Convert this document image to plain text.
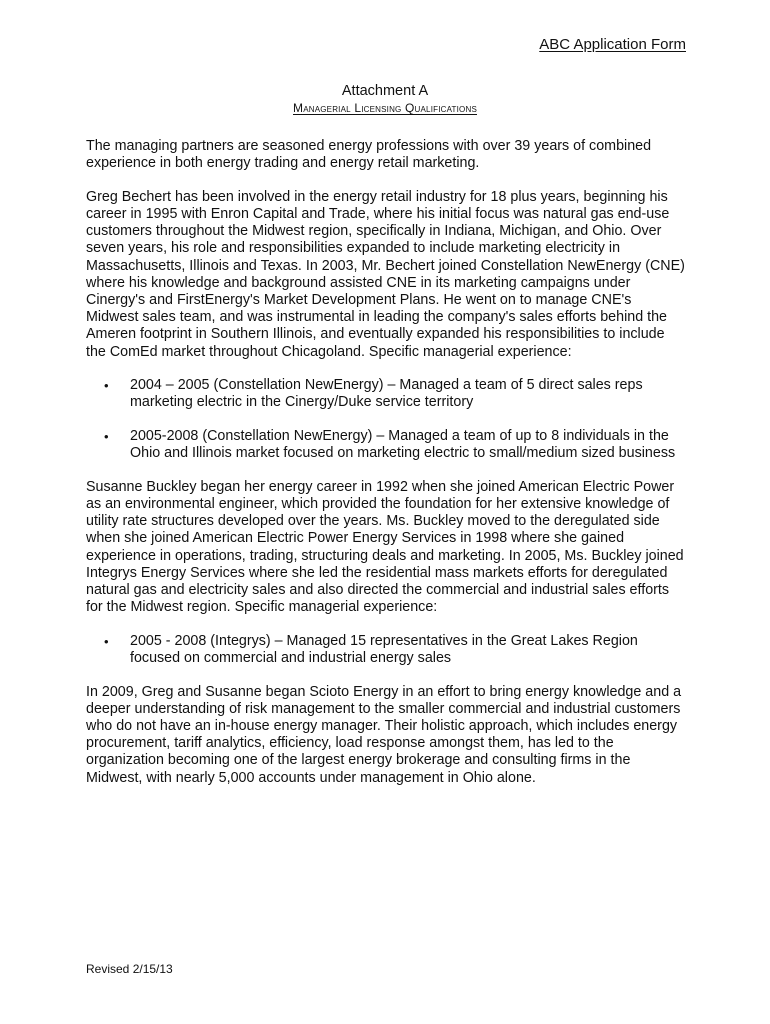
ABC Application Form
Attachment A
Managerial Licensing Qualifications

The managing partners are seasoned energy professions with over 39 years of combined experience in both energy trading and energy retail marketing.

Greg Bechert has been involved in the energy retail industry for 18 plus years, beginning his career in 1995 with Enron Capital and Trade, where his initial focus was natural gas end-use customers throughout the Midwest region, specifically in Indiana, Michigan, and Ohio. Over seven years, his role and responsibilities expanded to include marketing electricity in Massachusetts, Illinois and Texas. In 2003, Mr. Bechert joined Constellation NewEnergy (CNE) where his knowledge and background assisted CNE in its marketing campaigns under Cinergy's and FirstEnergy's Market Development Plans. He went on to manage CNE's Midwest sales team, and was instrumental in leading the company's sales efforts behind the Ameren footprint in Southern Illinois, and eventually expanded his responsibilities to include the ComEd market throughout Chicagoland. Specific managerial experience:

• 2004 – 2005 (Constellation NewEnergy) – Managed a team of 5 direct sales reps marketing electric in the Cinergy/Duke service territory
• 2005-2008 (Constellation NewEnergy) – Managed a team of up to 8 individuals in the Ohio and Illinois market focused on marketing electric to small/medium sized business

Susanne Buckley began her energy career in 1992 when she joined American Electric Power as an environmental engineer, which provided the foundation for her extensive knowledge of utility rate structures developed over the years. Ms. Buckley moved to the deregulated side when she joined American Electric Power Energy Services in 1998 where she gained experience in operations, trading, structuring deals and marketing. In 2005, Ms. Buckley joined Integrys Energy Services where she led the residential mass markets efforts for deregulated natural gas and electricity sales and also directed the commercial and industrial sales efforts for the Midwest region. Specific managerial experience:

• 2005 - 2008 (Integrys) – Managed 15 representatives in the Great Lakes Region focused on commercial and industrial energy sales

In 2009, Greg and Susanne began Scioto Energy in an effort to bring energy knowledge and a deeper understanding of risk management to the smaller commercial and industrial customers who do not have an in-house energy manager. Their holistic approach, which includes energy procurement, tariff analytics, efficiency, load response amongst them, has led to the organization becoming one of the largest energy brokerage and consulting firms in the Midwest, with nearly 5,000 accounts under management in Ohio alone.

Revised 2/15/13
